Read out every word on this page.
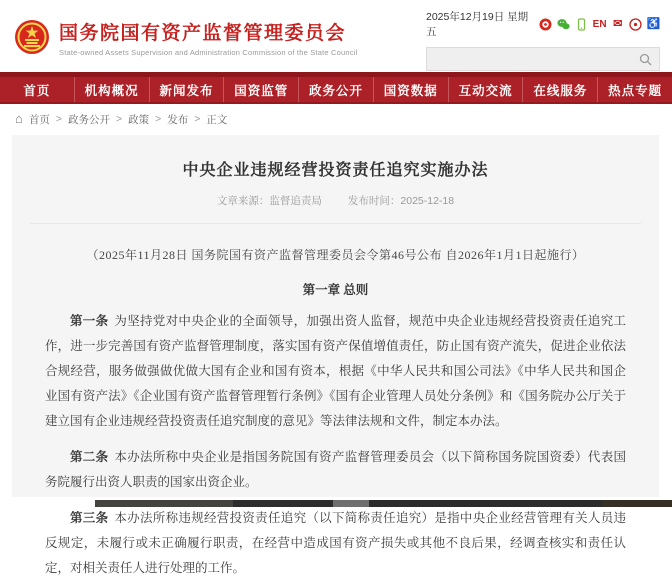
国务院国有资产监督管理委员会
State-owned Assets Supervision and Administration Commission of the State Council
2025年12月19日 星期五
EN ✉ ♿
首页	机构概况	新闻发布	国资监管	政务公开	国资数据	互动交流	在线服务	热点专题
⌂ 首页 > 政务公开 > 政策 > 发布 > 正文
中央企业违规经营投资责任追究实施办法
文章来源：监督追责局 发布时间：2025-12-18
（2025年11月28日 国务院国有资产监督管理委员会令第46号公布 自2026年1月1日起施行）
第一章 总则

第一条 为坚持党对中央企业的全面领导，加强出资人监督，规范中央企业违规经营投资责任追究工作，进一步完善国有资产监督管理制度，落实国有资产保值增值责任，防止国有资产流失，促进企业依法合规经营，服务做强做优做大国有企业和国有资本，根据《中华人民共和国公司法》《中华人民共和国企业国有资产法》《企业国有资产监督管理暂行条例》《国有企业管理人员处分条例》和《国务院办公厅关于建立国有企业违规经营投资责任追究制度的意见》等法律法规和文件，制定本办法。

第二条 本办法所称中央企业是指国务院国有资产监督管理委员会（以下简称国务院国资委）代表国务院履行出资人职责的国家出资企业。

第三条 本办法所称违规经营投资责任追究（以下简称责任追究）是指中央企业经营管理有关人员违反规定，未履行或未正确履行职责，在经营中造成国有资产损失或其他不良后果，经调查核实和责任认定，对相关责任人进行处理的工作。
